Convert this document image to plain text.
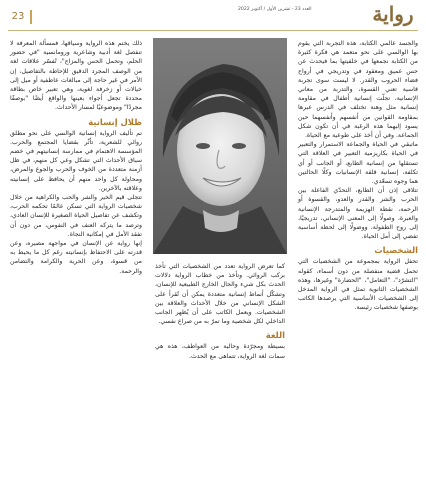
23
العدد 23 - تشرين الأول / أكتوبر 2022	رواية

والجسد عالمي الكتابة، هذه التجربة التي يقوم بها الوالسي على نحو متعمد هي فكرة كثيرة من الكتابة نجمعها في خلفيتها بما فيحدث عن حس عميق ومعقود في وتدريجي في أرواح فضاء الحروب والقدر. لا ليست سوى تجربة قاسية تعني القسوة، والتدربة من معاني الإنسانية، تجلّت إنسانية أطفال في مقاومة إنسانية مثل وهنة تختلف في الدرس عبرها بمقاومة القوانين من أنفسهم وأنفسهما حين يسود إليهما هذه الرغبة في أن تكون شكل الجماعة. وفي أن أخذ على طوعية مع الحياة.

ماتبقي في الحياة والجماعة الاستمرار والتعبير في الحياة بكاريزمية التعبير في العلاقة التي تستقلها من إنسانية الطابع، أو الجانب أو أي تكلفة، إنسانية قلقة الإنسانيات وكلًا الحالتين هما وجوه تسعّدي.

تتلاقى إذن أن الطابع، التحدّي الفاعلة بين الحرب والشر والقدر والعدو، والقسوة أو الرحمة، نقطة الهزيمة والمتدرجة الإنسانية والعبرة، وصولًا إلى المعنى الإنساني، تدريجيًا، إلى روح الطفولة، ووضولًا إلى لحظة أساسية تفضي إلى أمل الحياة.

الشخصيات

تحفل الرواية بمجموعة من الشخصيات التي تحمل قضية منفصلة من دون أسماء، كقوله "التشرّد"، "التعامل"، "الحضارة" وغيرها، وهذه الشخصيات الثانوية تمثل في الرواية المدخل إلى الشخصيات الأساسية التي يرصدها الكاتب بوصفها شخصيات رئيسة.

كما تعرض الرواية تعدد من الشخصيات التي تأخذ بركب الروائي. وتأخذ من خطاب الرواية دلالات الحدث بكل شيء والحال الخارج الطبيعية للإنسان، وتشكّل أنماط إنسانية متعددة يمكن أن تُقرأ على الشكل الإنساني من خلال الأحداث والعلاقة بين الشخصيات. ويعمل الكاتب على أن يُظهر الجانب الداخلي لكل شخصية وما تمرّ به من صراع نفسي.

اللغة

بسيطة ومجرّدة وحالية من العواطف، هذه هي سمات لغة الرواية، تتماهى مع الحدث.

ذلك يختم هذه الرواية وسياقها، فمسألة المعرفة لا تنفصل لغة أدبية وشاعرية ورومانسية "في حضور الحلم، وتحمل الحس والمزاج"، تُفسّر علاقات لغة من الوصف المجرد الدقيق للإحاطة بالتفاصيل، إن الأمر في غير حاجة إلى مبالغات عاطفية أو ميل إلى خيالات أو زخرفة لغوية، وهي تعبير خاص بطاقة محددة تجعل أجواء بعينها والواقع أيضًا "بوصفًا مجردًا" وموضوعيًا لمسار الأحداث.

ظلال إنسانية

تم تأليف الرواية إنسانية الوالسي على نحو مطلق روائي للشعرية، تأثّر بقضايا المجتمع والحرب. المؤسسة الاهتمام في ممارسة إنسانيتهم في خضم سياق الأحداث التي تشكل وعي كل منهم، في ظل أزمنة متعددة من الخوف والحرب والجوع والمرض، ومحاولة كل واحد منهم أن يحافظ على إنسانيته وعلاقته بالآخرين.

تتجلى قيم الخير والشر والحب والكراهية من خلال شخصيات الرواية التي تسكن عالمًا تحكمه الحرب، وتكشف عن تفاصيل الحياة الصغيرة للإنسان العادي، وترصد ما يتركه العنف في النفوس، من دون أن تفقد الأمل في إمكانية النجاة.

إنها رواية عن الإنسان في مواجهة مصيره، وعن قدرته على الاحتفاظ بإنسانيته رغم كل ما يحيط به من قسوة، وعن الحرية والكرامة والتضامن والرحمة.
